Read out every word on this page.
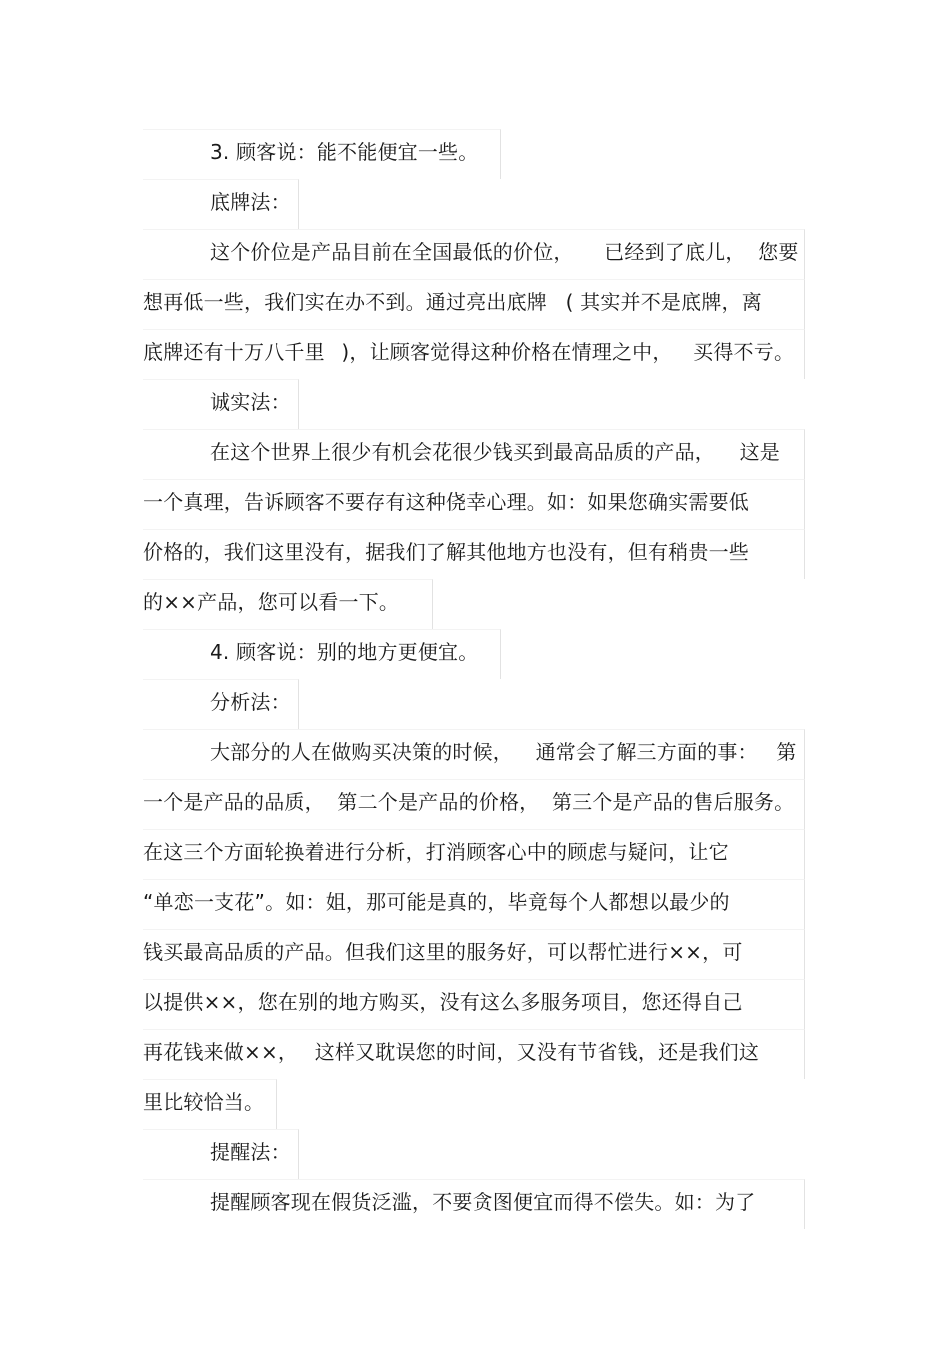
3. 顾客说：能不能便宜一些。
底牌法：
这个价位是产品目前在全国最低的价位， 已经到了底儿， 您要
想再低一些，我们实在办不到。通过亮出底牌 ( 其实并不是底牌，离
底牌还有十万八千里 )，让顾客觉得这种价格在情理之中， 买得不亏。
诚实法：
在这个世界上很少有机会花很少钱买到最高品质的产品， 这是
一个真理，告诉顾客不要存有这种侥幸心理。如：如果您确实需要低
价格的，我们这里没有，据我们了解其他地方也没有，但有稍贵一些
的××产品，您可以看一下。
4. 顾客说：别的地方更便宜。
分析法：
大部分的人在做购买决策的时候， 通常会了解三方面的事： 第
一个是产品的品质， 第二个是产品的价格， 第三个是产品的售后服务。
在这三个方面轮换着进行分析，打消顾客心中的顾虑与疑问，让它
“单恋一支花”。如：姐，那可能是真的，毕竟每个人都想以最少的
钱买最高品质的产品。但我们这里的服务好，可以帮忙进行××，可
以提供××，您在别的地方购买，没有这么多服务项目，您还得自己
再花钱来做××， 这样又耽误您的时间，又没有节省钱，还是我们这
里比较恰当。
提醒法：
提醒顾客现在假货泛滥，不要贪图便宜而得不偿失。如：为了
